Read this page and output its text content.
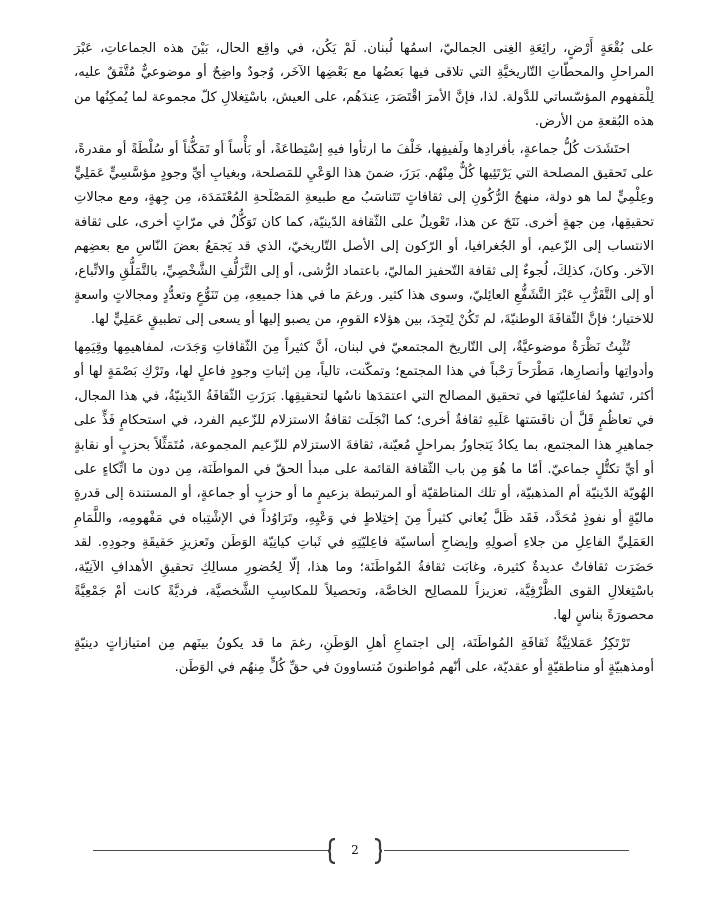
على بُقْعَةٍ أَرْضٍ، رائِعَةِ الغِنى الجماليّ، اسمُها لُبنان. لَمْ يَكُن، في واقِع الحال، بَيْنَ هذه الجماعاتِ، عَبْرَ المراحلِ والمحطّاتِ التّاريخيَّةِ التي تلاقى فيها بَعضُها مع بَعْضِها الآخَر، وُجودٌ واضِحٌ أو موضوعيٌّ مُتَّفَقٌ عليه، لِلْمَفهوم المؤسّساتي للدَّولة. لذا، فإنَّ الأمرَ اقْتَصَرَ، عِندَهُم، على العيش، باسْتِغلالِ كلّ مجموعة لما يُمكِنُها من هذه البُقعةِ من الأرض.

احتَشَدَت كُلُّ جماعةٍ، بأفرادِها ولَفيفِها، خَلْفَ ما ارتأوا فيهِ إسْتِطاعَةً، أو بَأْساً أو تَمَكُّناً أو سُلْطَةً أو مقدرةً، على تَحقيق المصلحة التي يَرْتَئِيها كُلٌّ مِنْهُم. بَرَزَ، ضمنَ هذا الوَعْيِ للمَصلحة، وبغيابِ أيِّ وجودٍ مؤسَّسِيٍّ عَمَلِيٍّ وعِلْمِيٍّ لما هو دولة، منهجُ الرُّكُونِ إلى ثقافاتٍ تَتَناسَبُ مع طبيعةِ المَصْلَحةِ المُعْتَمَدَة، مِن جِهةٍ، ومع مجالاتِ تحقيقِها، مِن جهةٍ أخرى. نَتَجَ عن هذا، تَعْويلٌ على الثّقافة الدّينيّة، كما كان تَوَكُّلٌ في مرّاتٍ أخرى، على ثقافة الانتساب إلى الزّعيم، أو الجُغرافيا، أو الرّكون إلى الأصل التّاريخيّ، الذي قد يَجمَعُ بعضَ النّاسِ مع بعضِهم الآخر. وكانَ، كذلِكَ، لُجوءٌ إلى ثقافة التّحفيز الماليّ، باعتماد الرُّشى، أو إلى التَّزَلُّفِ الشَّخْصِيِّ، بالتَّمَلُّقِ والاتِّباع، أو إلى التَّقَرُّبِ عَبْرَ التَّشَفُّعِ العائِليّ، وسوى هذا كثير. ورغمَ ما في هذا جميعِهِ، مِن تَنَوُّعٍ وتعدُّدٍ ومجالاتٍ واسعةٍ للاختيار؛ فإنَّ الثّقافَةَ الوطنيّةَ، لم تَكُنْ لِتَجِدَ، بين هؤلاء القومِ، من يصبو إليها أو يسعى إلى تطبيقٍ عَمَلِيٍّ لها.

تُثْبِتُ نَظْرَةٌ موضوعيَّةٌ، إلى التّاريخ المجتمعيّ في لبنان، أنَّ كثيراً مِنَ الثّقافاتِ وَجَدَت، لمفاهيمِها وقِيَمِها وأدواتِها وأنصارِها، مَطْرَحاً رَحْباً في هذا المجتمع؛ وتمكّنت، تالياً، مِن إثباتِ وجودٍ فاعلٍ لها، وتَرْكِ بَصْمَةٍ لها أو أكثر، تَشهدُ لفاعليّتها في تحقيق المصالح التي اعتمَدَها ناسُها لتحقيقِها. بَرَزَتِ الثّقافَةُ الدّينيّةُ، في هذا المجال، في تعاظُمٍ قَلَّ أن نافَسَتها عَلَيهِ ثقافةٌ أخرى؛ كما انْجَلَت ثقافةُ الاستزلام للزّعيم الفرد، في استحكامٍ فَذٍّ على جماهيرِ هذا المجتمع، بما يكادُ يَتجاوزُ بمراحلٍ مُعيّنة، ثقافةَ الاستزلام للزّعيم المجموعة، مُتَمَثِّلاً بحزبٍ أو نقابةٍ أو أيِّ تكتُّلٍ جماعيّ. أمّا ما هُوَ مِن باب الثّقافة القائمة على مبدأ الحقّ في المواطَنَة، مِن دون ما اتِّكاءٍ على الهُويّة الدّينيّة أم المذهبيّة، أو تلك المناطقيّة أو المرتبطة بزعيمٍ ما أو حزبٍ أو جماعةٍ، أو المستندة إلى قدرةٍ ماليّةٍ أو نفوذٍ مُحَدَّد، فَقَد ظَلَّ يُعاني كثيراً مِنَ إختِلاطٍ في وَعْيِهِ، وتَرَاوُداً في الإشْتِباه في مَفْهومِه، واللَّمَامِ العَمَلِيِّ الفاعِلِ من جلاءِ أصولِهِ وإيضاحِ أساسيّة فاعِليّتِهِ في ثَباتِ كيانِيّة الوَطَن وتَعزيزِ حَقيقَةِ وجودِهِ. لقد حَضَرَت ثقافاتٌ عديدةٌ كثيرة، وغابَت ثقافةُ المُواطَنَة؛ وما هذا، إلّا لِحُضورِ مسالِكِ تحقيقِ الأهدافِ الآنِيّة، باسْتِغلالِ القوى الظَّرْفِيَّة، تعزيزاً للمصالِح الخاصَّة، وتحصيلاً للمكاسِبِ الشَّخصيَّة، فرديَّةً كانت أمْ جَمْعِيَّةً محصورَةً بناسٍ لها.

تَرْتَكِزُ عَمَلانِيَّةُ ثَقافَةِ المُواطَنَة، إلى اجتماعِ أهلِ الوَطَنِ، رغمَ ما قد يكونُ بينَهم مِن امتيازاتٍ دينيّةٍ أومذهبيّةٍ أو مناطقيّةٍ أو عقديّة، على أنّهم مُواطنونَ مُتساوونَ في حقِّ كُلٍّ مِنهُم في الوَطَن.

2
